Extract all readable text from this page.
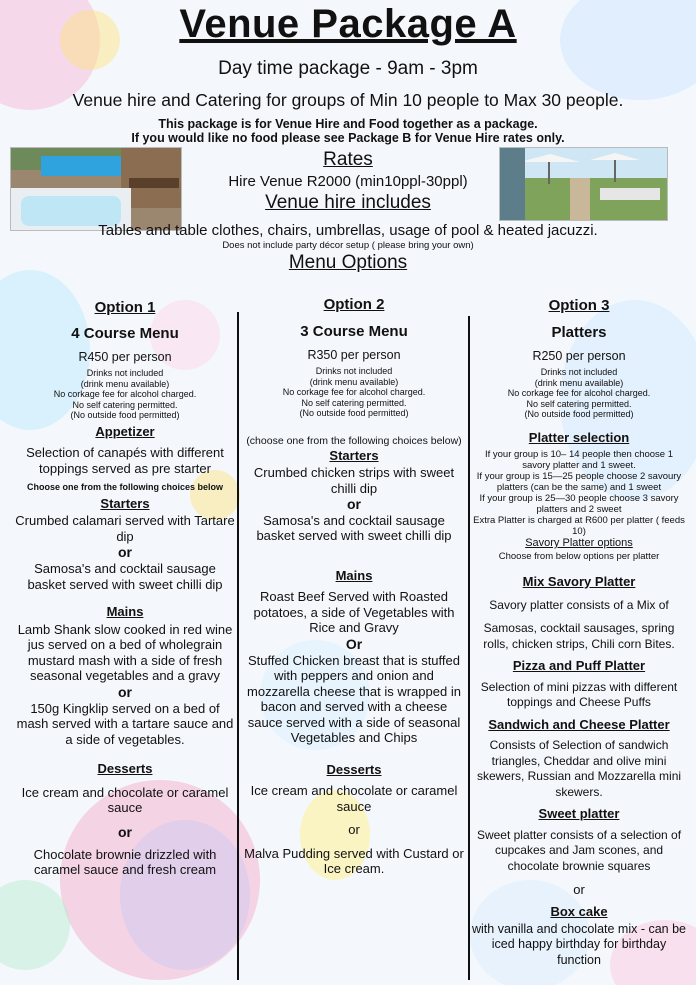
Venue Package A
Day time package - 9am - 3pm
Venue hire and Catering for groups of Min 10 people to Max 30 people.
This package is for Venue Hire and Food together as a package.
If you would like no food please see Package B for Venue Hire rates only.
Rates
Hire Venue R2000 (min10ppl-30ppl)
Venue hire includes
Tables and table clothes, chairs, umbrellas, usage of pool & heated jacuzzi.
Does not include party décor setup ( please bring your own)
Menu Options
Option 1
4 Course Menu
R450 per person
Drinks not included
(drink menu available)
No corkage fee for alcohol charged.
No self catering permitted.
(No outside food permitted)
Appetizer
Selection of canapés with different toppings served as pre starter
Choose one from the following choices below
Starters
Crumbed calamari served with Tartare dip
or
Samosa's and cocktail sausage basket served with sweet chilli dip
Mains
Lamb Shank slow cooked in red wine jus served on a bed of wholegrain mustard mash with a side of fresh seasonal vegetables and a gravy
or
150g Kingklip served on a bed of mash served with a tartare sauce and a side of vegetables.
Desserts
Ice cream and chocolate or caramel sauce
or
Chocolate brownie drizzled with caramel sauce and fresh cream
Option 2
3 Course Menu
R350 per person
Drinks not included
(drink menu available)
No corkage fee for alcohol charged.
No self catering permitted.
(No outside food permitted)
(choose one from the following choices below)
Starters
Crumbed chicken strips with sweet chilli dip
or
Samosa's and cocktail sausage basket served with sweet chilli dip
Mains
Roast Beef Served with Roasted potatoes, a side of Vegetables with Rice and Gravy
Or
Stuffed Chicken breast that is stuffed with peppers and onion and mozzarella cheese that is wrapped in bacon and served with a cheese sauce served with a side of seasonal Vegetables and Chips
Desserts
Ice cream and chocolate or caramel sauce
or
Malva Pudding served with Custard or Ice cream.
Option 3
Platters
R250 per person
Drinks not included
(drink menu available)
No corkage fee for alcohol charged.
No self catering permitted.
(No outside food permitted)
Platter selection
If your group is 10– 14 people then choose 1 savory platter and 1 sweet.
If your group is 15—25 people choose 2 savoury platters (can be the same) and 1 sweet
If your group is 25—30 people choose 3 savory platters and 2 sweet
Extra Platter is charged at R600 per platter ( feeds 10)
Savory Platter options
Choose from below options per platter
Mix Savory Platter
Savory platter consists of a Mix of
Samosas, cocktail sausages, spring rolls, chicken strips, Chili corn Bites.
Pizza and Puff Platter
Selection of mini pizzas with different toppings and Cheese Puffs
Sandwich and Cheese Platter
Consists of Selection of sandwich triangles, Cheddar and olive mini skewers, Russian and Mozzarella mini skewers.
Sweet platter
Sweet platter consists of a selection of cupcakes and Jam scones, and chocolate brownie squares
or
Box cake
with vanilla and chocolate mix - can be iced happy birthday for birthday function
